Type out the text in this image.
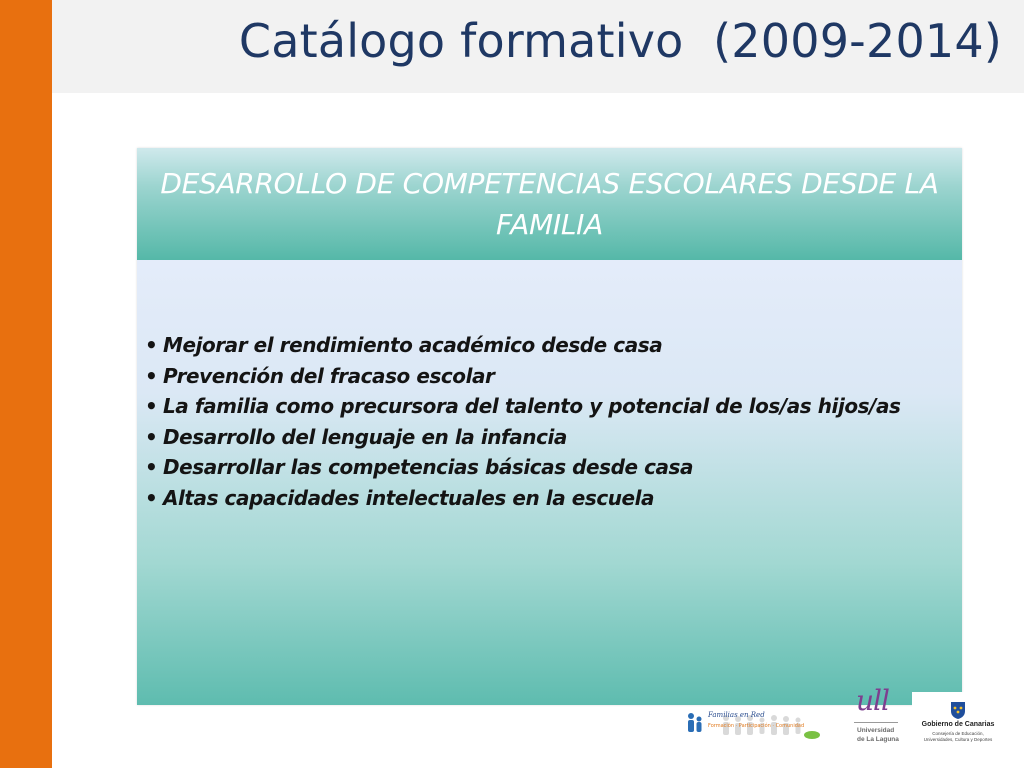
Catálogo formativo  (2009-2014)
DESARROLLO DE COMPETENCIAS ESCOLARES DESDE LA FAMILIA
• Mejorar el rendimiento académico desde casa
• Prevención del fracaso escolar
• La familia como precursora del talento y potencial de los/as hijos/as
• Desarrollo del lenguaje en la infancia
• Desarrollar las competencias básicas desde casa
• Altas capacidades intelectuales en la escuela
Familias en Red
Formación · Participación · Comunidad
ull
Universidad
de La Laguna
Gobierno de Canarias
Consejería de Educación,
Universidades, Cultura y Deportes
